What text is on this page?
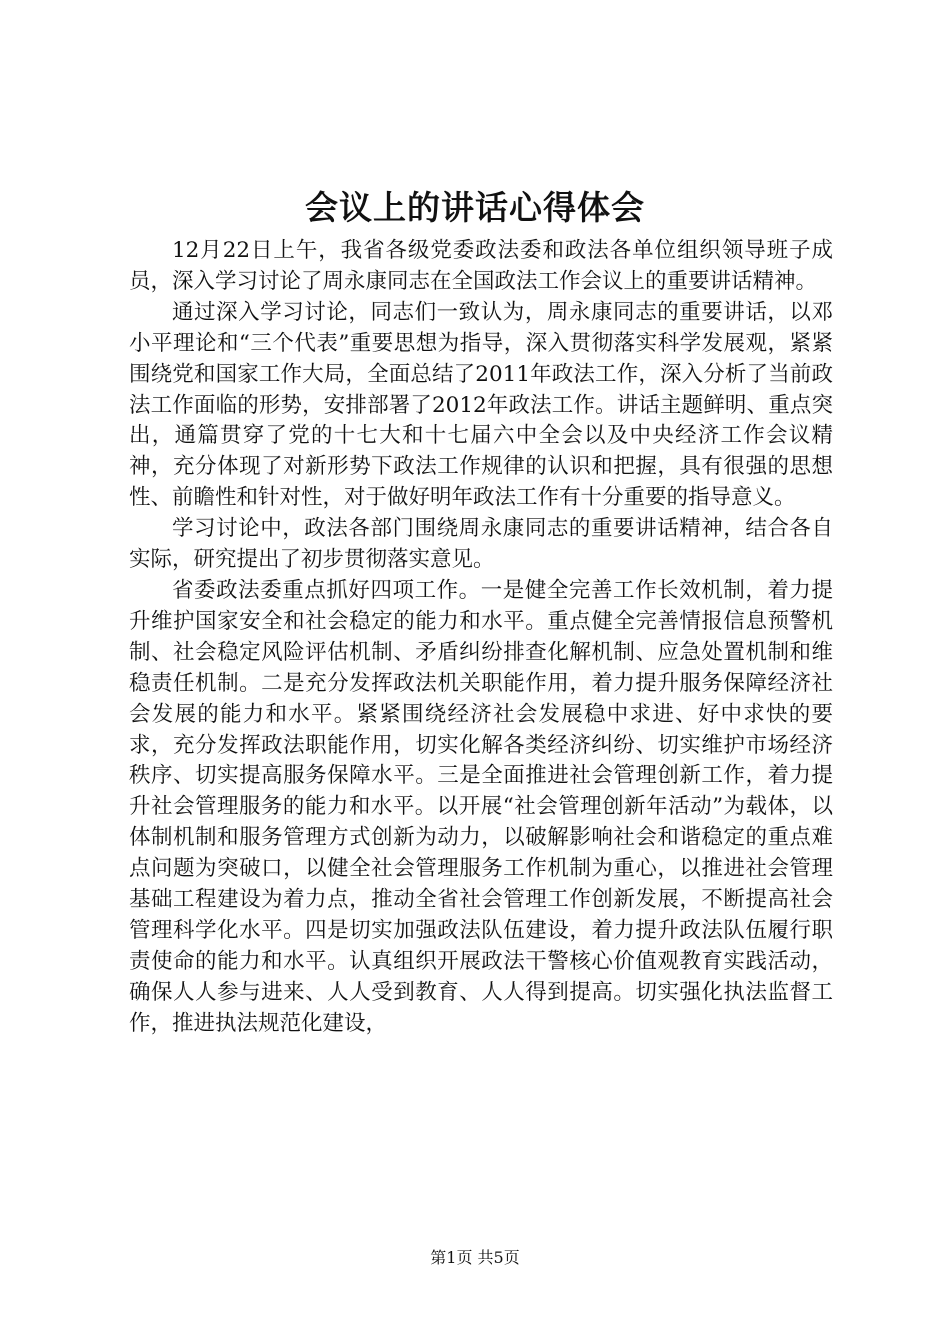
会议上的讲话心得体会

12月22日上午，我省各级党委政法委和政法各单位组织领导班子成员，深入学习讨论了周永康同志在全国政法工作会议上的重要讲话精神。

通过深入学习讨论，同志们一致认为，周永康同志的重要讲话，以邓小平理论和“三个代表”重要思想为指导，深入贯彻落实科学发展观，紧紧围绕党和国家工作大局，全面总结了2011年政法工作，深入分析了当前政法工作面临的形势，安排部署了2012年政法工作。讲话主题鲜明、重点突出，通篇贯穿了党的十七大和十七届六中全会以及中央经济工作会议精神，充分体现了对新形势下政法工作规律的认识和把握，具有很强的思想性、前瞻性和针对性，对于做好明年政法工作有十分重要的指导意义。

学习讨论中，政法各部门围绕周永康同志的重要讲话精神，结合各自实际，研究提出了初步贯彻落实意见。

省委政法委重点抓好四项工作。一是健全完善工作长效机制，着力提升维护国家安全和社会稳定的能力和水平。重点健全完善情报信息预警机制、社会稳定风险评估机制、矛盾纠纷排查化解机制、应急处置机制和维稳责任机制。二是充分发挥政法机关职能作用，着力提升服务保障经济社会发展的能力和水平。紧紧围绕经济社会发展稳中求进、好中求快的要求，充分发挥政法职能作用，切实化解各类经济纠纷、切实维护市场经济秩序、切实提高服务保障水平。三是全面推进社会管理创新工作，着力提升社会管理服务的能力和水平。以开展“社会管理创新年活动”为载体，以体制机制和服务管理方式创新为动力，以破解影响社会和谐稳定的重点难点问题为突破口，以健全社会管理服务工作机制为重心，以推进社会管理基础工程建设为着力点，推动全省社会管理工作创新发展，不断提高社会管理科学化水平。四是切实加强政法队伍建设，着力提升政法队伍履行职责使命的能力和水平。认真组织开展政法干警核心价值观教育实践活动，确保人人参与进来、人人受到教育、人人得到提高。切实强化执法监督工作，推进执法规范化建设，

第1页 共5页
